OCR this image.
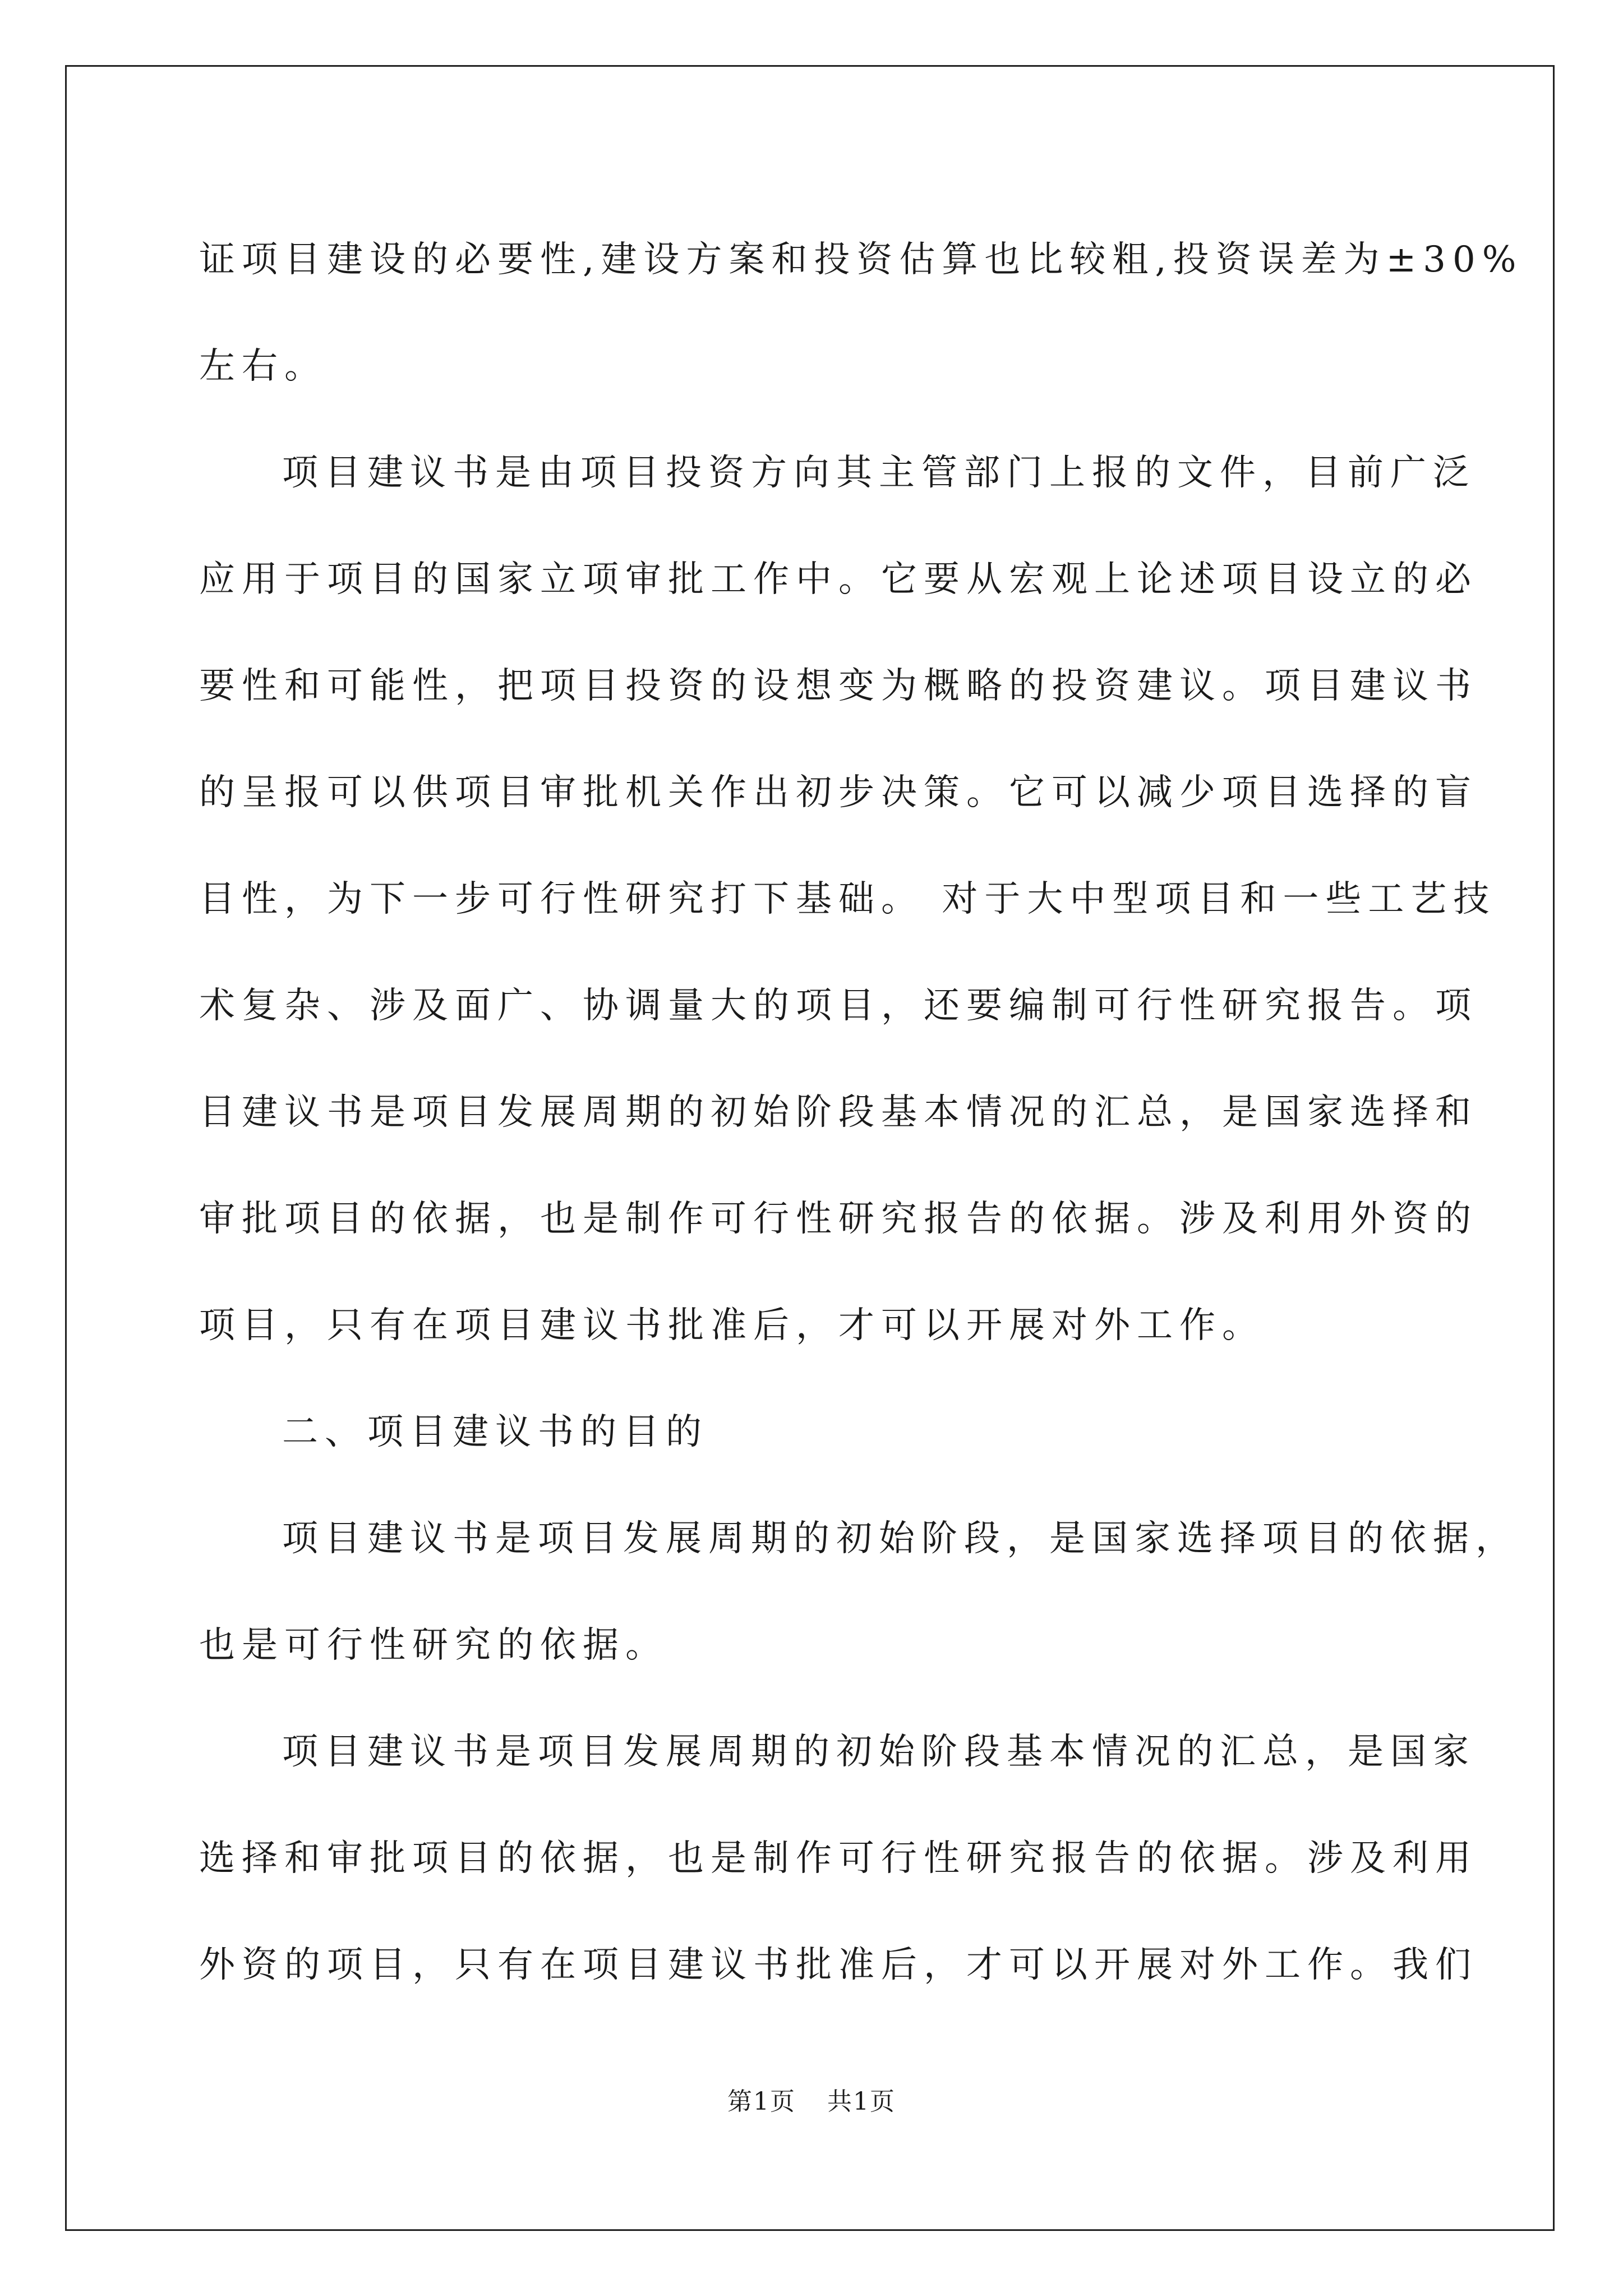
证项目建设的必要性,建设方案和投资估算也比较粗,投资误差为±30%
左右。
项目建议书是由项目投资方向其主管部门上报的文件，目前广泛
应用于项目的国家立项审批工作中。它要从宏观上论述项目设立的必
要性和可能性，把项目投资的设想变为概略的投资建议。项目建议书
的呈报可以供项目审批机关作出初步决策。它可以减少项目选择的盲
目性，为下一步可行性研究打下基础。 对于大中型项目和一些工艺技
术复杂、涉及面广、协调量大的项目，还要编制可行性研究报告。项
目建议书是项目发展周期的初始阶段基本情况的汇总，是国家选择和
审批项目的依据，也是制作可行性研究报告的依据。涉及利用外资的
项目，只有在项目建议书批准后，才可以开展对外工作。
二、项目建议书的目的
项目建议书是项目发展周期的初始阶段，是国家选择项目的依据，
也是可行性研究的依据。
项目建议书是项目发展周期的初始阶段基本情况的汇总，是国家
选择和审批项目的依据，也是制作可行性研究报告的依据。涉及利用
外资的项目，只有在项目建议书批准后，才可以开展对外工作。我们
第1页 共1页
